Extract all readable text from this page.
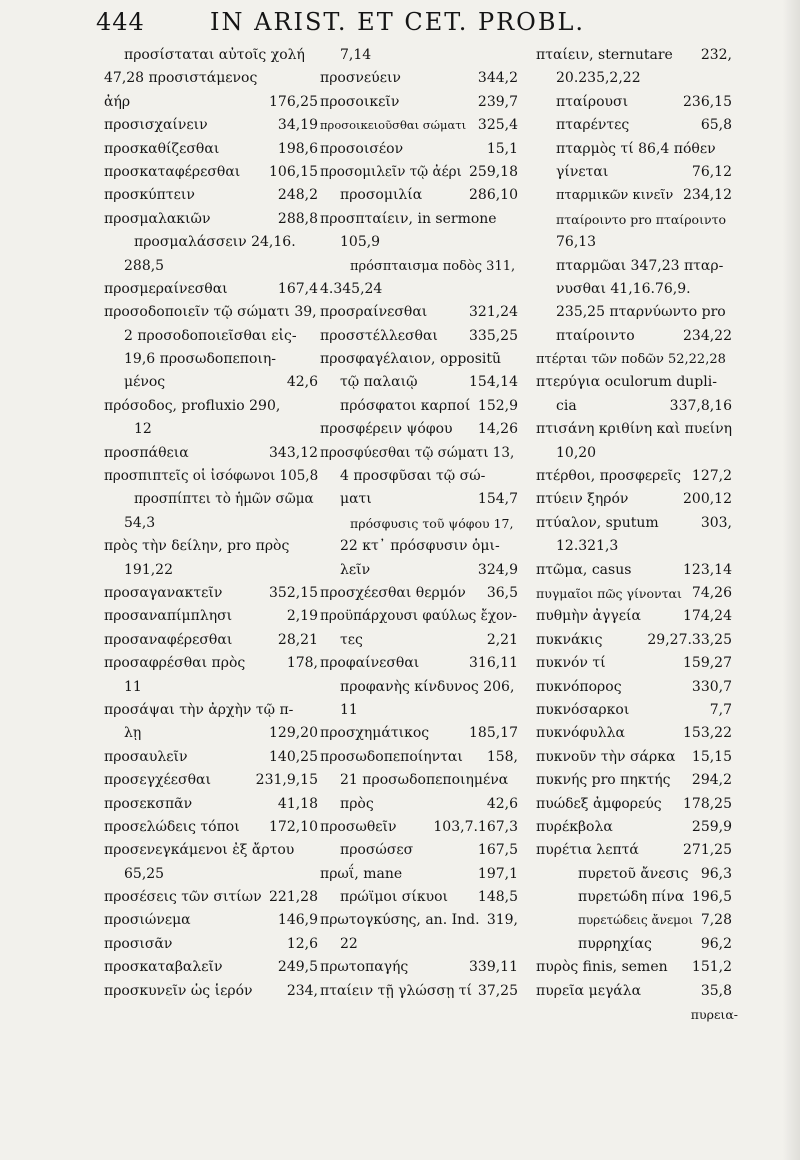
444	IN ARIST. ET CET. PROBL.
προσίσταται αὐτοῖς χολή
47,28 προσιστάμενος
ἀήρ	176,25
προσισχαίνειν	34,19
προσκαθίζεσθαι	198,6
προσκαταφέρεσθαι 106,15
προσκύπτειν	248,2
προσμαλακιῶν	288,8
προσμαλάσσειν 24,16.
288,5
προσμεραίνεσθαι	167,4
προσοδοποιεῖν τῷ σώματι 39,
2 προσοδοποιεῖσθαι εἰς-
19,6 προσωδοπεποιη-
μένος	42,6
πρόσοδος, profluxio 290,
12
προσπάθεια	343,12
προσπιπτεῖς οἱ ἰσόφωνοι 105,8
προσπίπτει τὸ ἡμῶν σῶμα
54,3
πρὸς τὴν δείλην, pro πρὸς
191,22
προσαγανακτεῖν	352,15
προσαναπίμπλησι	2,19
προσαναφέρεσθαι	28,21
προσαφρέσθαι πρὸς	178,
11
προσάψαι τὴν ἀρχὴν τῷ π-
λῃ	129,20
προσαυλεῖν	140,25
προσεγχέεσθαι	231,9,15
προσεκσπᾶν	41,18
προσελώδεις τόποι 172,10
προσενεγκάμενοι ἐξ ἄρτου
65,25
προσέσεις τῶν σιτίων 221,28
προσιώνεμα	146,9
προσισᾶν	12,6
προσκαταβαλεῖν	249,5
προσκυνεῖν ὡς ἱερόν 234,
7,14
προσνεύειν	344,2
προσοικεῖν	239,7
προσοικειοῦσθαι σώματι 325,4
προσοισέον	15,1
προσομιλεῖν τῷ ἀέρι 259,18
προσομιλία	286,10
προσπταίειν, in sermone
105,9
πρόσπταισμα ποδὸς 311,
4.345,24
προσραίνεσθαι	321,24
προσστέλλεσθαι 335,25
προσφαγέλαιον, oppositũ
τῷ παλαιῷ	154,14
πρόσφατοι καρποί 152,9
προσφέρειν ψόφου 14,26
προσφύεσθαι τῷ σώματι 13,
4 προσφῦσαι τῷ σώ-
ματι	154,7
πρόσφυσις τοῦ ψόφου 17,
22 κτ᾽ πρόσφυσιν ὁμι-
λεῖν	324,9
προσχέεσθαι θερμόν 36,5
προϋπάρχουσι φαύλως ἔχον-
τες	2,21
προφαίνεσθαι	316,11
προφανὴς κίνδυνος 206,
11
προσχημάτικος	185,17
προσωδοπεποίηνται 158,
21 προσωδοπεποιημένα
πρὸς	42,6
προσωθεῖν	103,7.167,3
προσώσεσ	167,5
πρωΐ, mane	197,1
πρώϊμοι σίκυοι 148,5
πρωτογκύσης, an. Ind. 319,
22
πρωτοπαγής	339,11
πταίειν τῇ γλώσσῃ τί 37,25
πταίειν, sternutare 232,
20.235,2,22
πταίρουσι	236,15
πταρέντες	65,8
πταρμὸς τί 86,4 πόθεν
γίνεται	76,12
πταρμικῶν κινεῖν 234,12
πταίροιντο pro πταίροιντο
76,13
πταρμῶαι 347,23 πταρ-
νυσθαι 41,16.76,9.
235,25 πταρνύωντο pro
πταίροιντο	234,22
πτέρται τῶν ποδῶν 52,22,28
πτερύγια oculorum dupli-
cia	337,8,16
πτισάνη κριθίνη καὶ πυείνη
10,20
πτέρθοι, προσφερεῖς 127,2
πτύειν ξηρόν	200,12
πτύαλον, sputum	303,
12.321,3
πτῶμα, casus	123,14
πυγμαῖοι πῶς γίνονται 74,26
πυθμὴν ἀγγεία	174,24
πυκνάκις	29,27.33,25
πυκνόν τί	159,27
πυκνόπορος	330,7
πυκνόσαρκοι	7,7
πυκνόφυλλα	153,22
πυκνοῦν τὴν σάρκα 15,15
πυκνής pro πηκτής 294,2
πυώδεξ ἀμφορεύς 178,25
πυρέκβολα	259,9
πυρέτια λεπτά	271,25
πυρετοῦ ἄνεσις 96,3
πυρετώδη πίνα 196,5
πυρετώδεις ἄνεμοι 7,28
πυρρηχίας	96,2
πυρὸς finis, semen 151,2
πυρεῖα μεγάλα	35,8
πυρεια-
